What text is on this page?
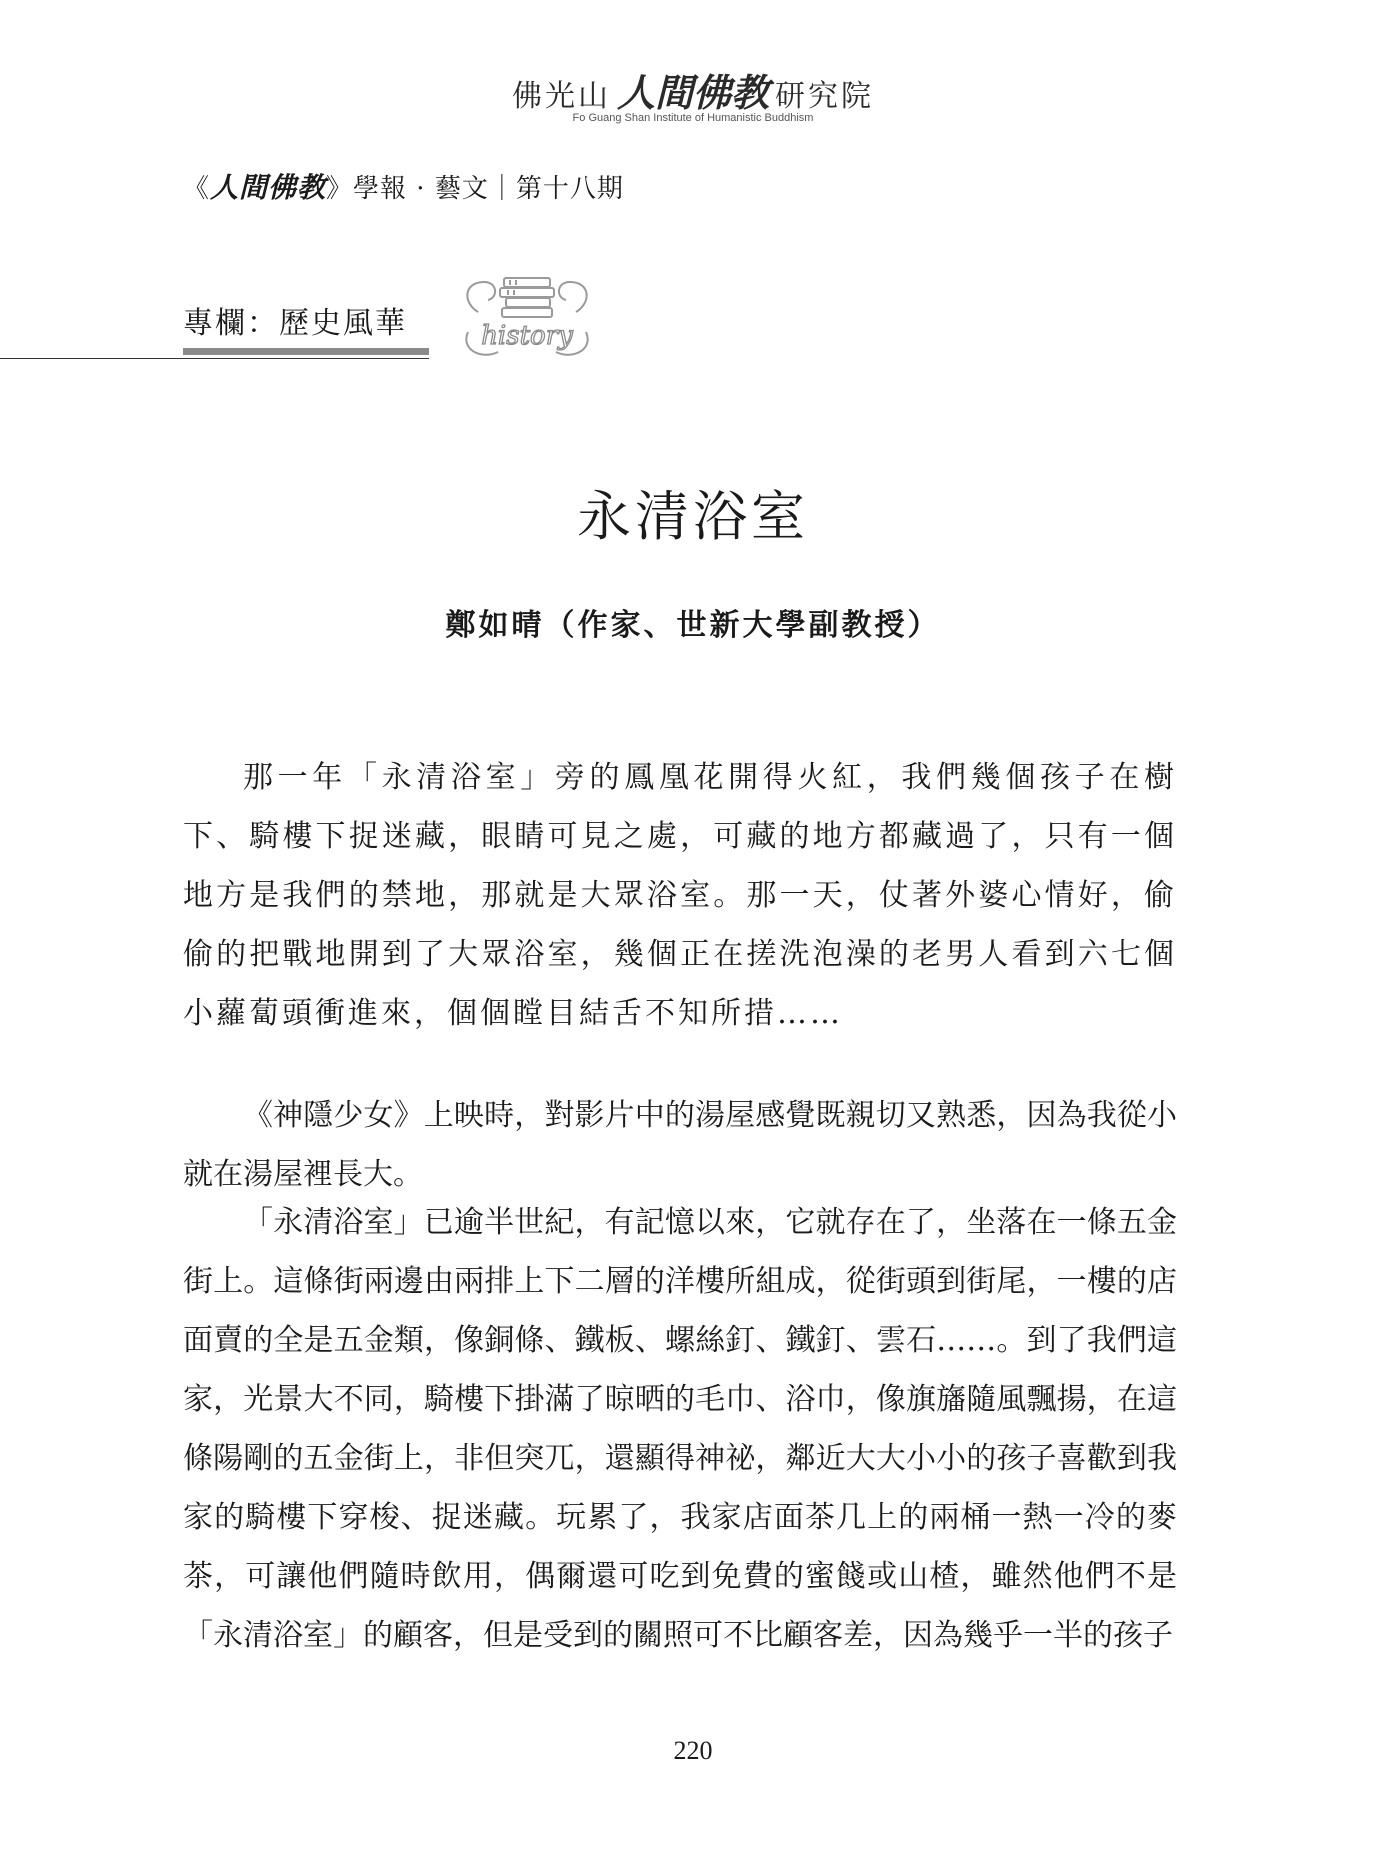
佛光山 人間佛教 研究院
Fo Guang Shan Institute of Humanistic Buddhism
《人間佛教》學報 · 藝文｜第十八期
專欄：歷史風華	history
永清浴室
鄭如晴（作家、世新大學副教授）

那一年「永清浴室」旁的鳳凰花開得火紅，我們幾個孩子在樹下、騎樓下捉迷藏，眼睛可見之處，可藏的地方都藏過了，只有一個地方是我們的禁地，那就是大眾浴室。那一天，仗著外婆心情好，偷偷的把戰地開到了大眾浴室，幾個正在搓洗泡澡的老男人看到六七個小蘿蔔頭衝進來，個個瞠目結舌不知所措……

《神隱少女》上映時，對影片中的湯屋感覺既親切又熟悉，因為我從小就在湯屋裡長大。

「永清浴室」已逾半世紀，有記憶以來，它就存在了，坐落在一條五金街上。這條街兩邊由兩排上下二層的洋樓所組成，從街頭到街尾，一樓的店面賣的全是五金類，像銅條、鐵板、螺絲釘、鐵釘、雲石……。到了我們這家，光景大不同，騎樓下掛滿了晾晒的毛巾、浴巾，像旗旛隨風飄揚，在這條陽剛的五金街上，非但突兀，還顯得神祕，鄰近大大小小的孩子喜歡到我家的騎樓下穿梭、捉迷藏。玩累了，我家店面茶几上的兩桶一熱一冷的麥茶，可讓他們隨時飲用，偶爾還可吃到免費的蜜餞或山楂，雖然他們不是「永清浴室」的顧客，但是受到的關照可不比顧客差，因為幾乎一半的孩子

220
